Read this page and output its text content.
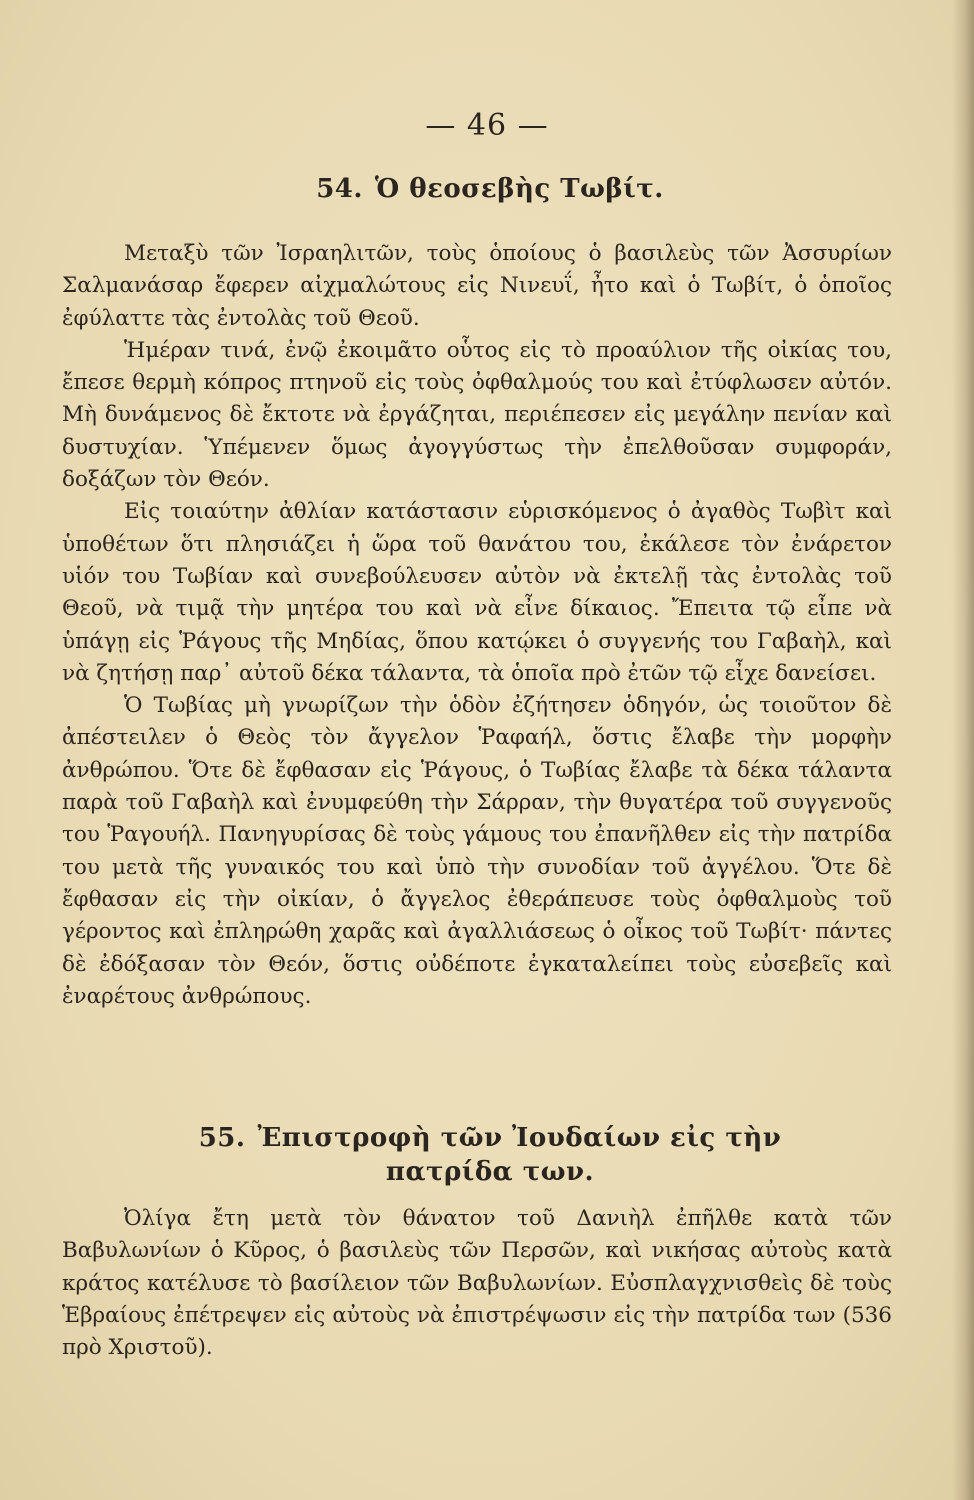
— 46 —
54. Ὁ θεοσεβὴς Τωβίτ.

Μεταξὺ τῶν Ἰσραηλιτῶν, τοὺς ὁποίους ὁ βασιλεὺς τῶν Ἀσσυρίων Σαλμανάσαρ ἔφερεν αἰχμαλώτους εἰς Νινευΐ, ἦτο καὶ ὁ Τωβίτ, ὁ ὁποῖος ἐφύλαττε τὰς ἐντολὰς τοῦ Θεοῦ.

Ἡμέραν τινά, ἐνῷ ἐκοιμᾶτο οὗτος εἰς τὸ προαύλιον τῆς οἰκίας του, ἔπεσε θερμὴ κόπρος πτηνοῦ εἰς τοὺς ὀφθαλμούς του καὶ ἐτύφλωσεν αὐτόν. Μὴ δυνάμενος δὲ ἔκτοτε νὰ ἐργάζηται, περιέπεσεν εἰς μεγάλην πενίαν καὶ δυστυχίαν. Ὑπέμενεν ὅμως ἀγογγύστως τὴν ἐπελθοῦσαν συμφοράν, δοξάζων τὸν Θεόν.

Εἰς τοιαύτην ἀθλίαν κατάστασιν εὑρισκόμενος ὁ ἀγαθὸς Τωβὶτ καὶ ὑποθέτων ὅτι πλησιάζει ἡ ὥρα τοῦ θανάτου του, ἐκάλεσε τὸν ἐνάρετον υἱόν του Τωβίαν καὶ συνεβούλευσεν αὐτὸν νὰ ἐκτελῇ τὰς ἐντολὰς τοῦ Θεοῦ, νὰ τιμᾷ τὴν μητέρα του καὶ νὰ εἶνε δίκαιος. Ἔπειτα τῷ εἶπε νὰ ὑπάγῃ εἰς Ῥάγους τῆς Μηδίας, ὅπου κατῴκει ὁ συγγενής του Γαβαὴλ, καὶ νὰ ζητήσῃ παρ᾽ αὐτοῦ δέκα τάλαντα, τὰ ὁποῖα πρὸ ἐτῶν τῷ εἶχε δανείσει.

Ὁ Τωβίας μὴ γνωρίζων τὴν ὁδὸν ἐζήτησεν ὁδηγόν, ὡς τοιοῦτον δὲ ἀπέστειλεν ὁ Θεὸς τὸν ἄγγελον Ῥαφαήλ, ὅστις ἔλαβε τὴν μορφὴν ἀνθρώπου. Ὅτε δὲ ἔφθασαν εἰς Ῥάγους, ὁ Τωβίας ἔλαβε τὰ δέκα τάλαντα παρὰ τοῦ Γαβαὴλ καὶ ἐνυμφεύθη τὴν Σάρραν, τὴν θυγατέρα τοῦ συγγενοῦς του Ῥαγουήλ. Πανηγυρίσας δὲ τοὺς γάμους του ἐπανῆλθεν εἰς τὴν πατρίδα του μετὰ τῆς γυναικός του καὶ ὑπὸ τὴν συνοδίαν τοῦ ἀγγέλου. Ὅτε δὲ ἔφθασαν εἰς τὴν οἰκίαν, ὁ ἄγγελος ἐθεράπευσε τοὺς ὀφθαλμοὺς τοῦ γέροντος καὶ ἐπληρώθη χαρᾶς καὶ ἀγαλλιάσεως ὁ οἶκος τοῦ Τωβίτ· πάντες δὲ ἐδόξασαν τὸν Θεόν, ὅστις οὐδέποτε ἐγκαταλείπει τοὺς εὐσεβεῖς καὶ ἐναρέτους ἀνθρώπους.

55. Ἐπιστροφὴ τῶν Ἰουδαίων εἰς τὴν
πατρίδα των.

Ὀλίγα ἔτη μετὰ τὸν θάνατον τοῦ Δανιὴλ ἐπῆλθε κατὰ τῶν Βαβυλωνίων ὁ Κῦρος, ὁ βασιλεὺς τῶν Περσῶν, καὶ νικήσας αὐτοὺς κατὰ κράτος κατέλυσε τὸ βασίλειον τῶν Βαβυλωνίων. Εὐσπλαγχνισθεὶς δὲ τοὺς Ἑβραίους ἐπέτρεψεν εἰς αὐτοὺς νὰ ἐπιστρέψωσιν εἰς τὴν πατρίδα των (536 πρὸ Χριστοῦ).
